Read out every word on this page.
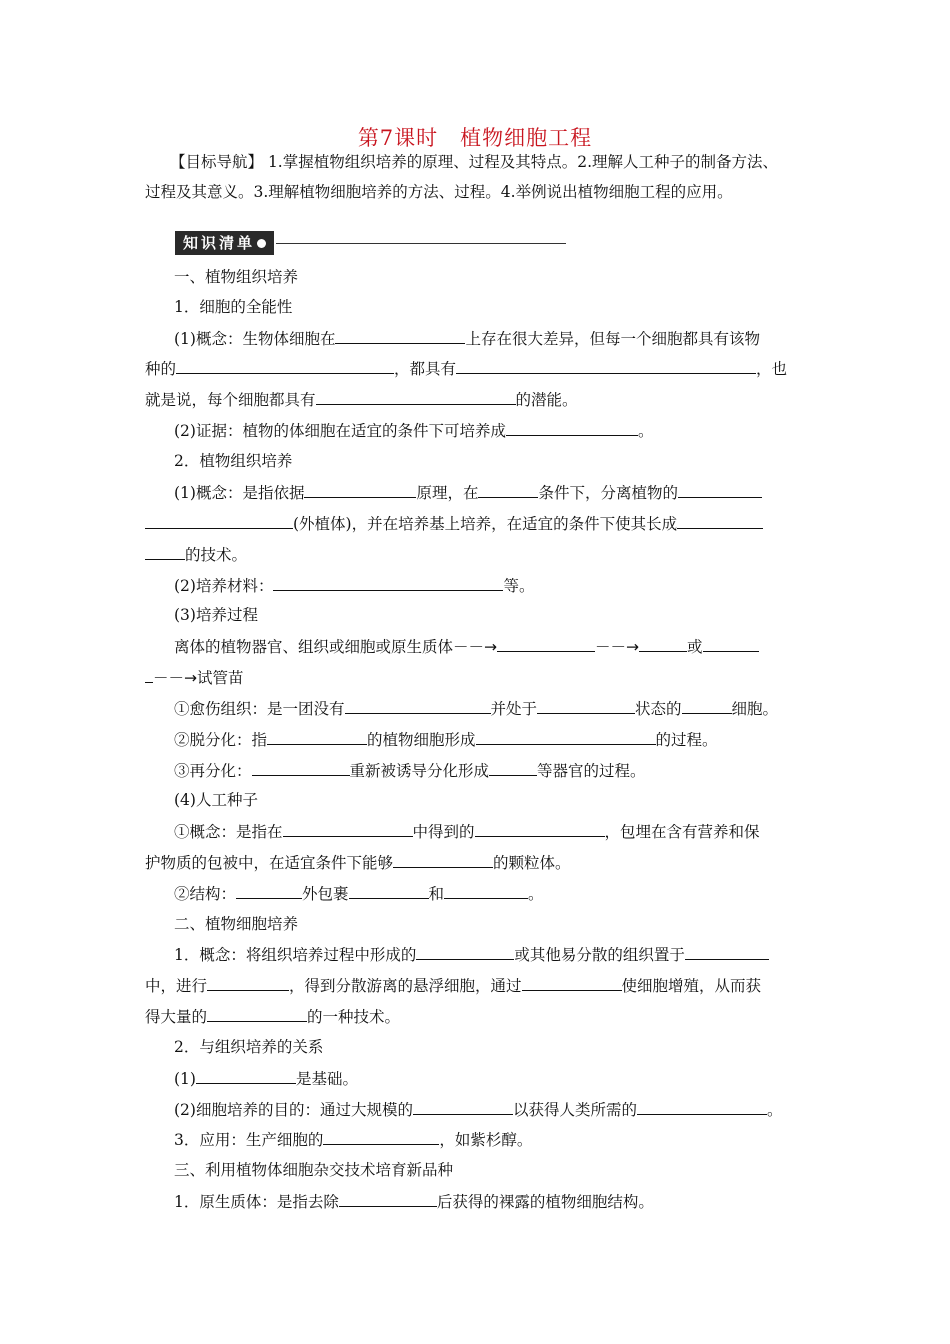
第7课时　植物细胞工程
【目标导航】 1.掌握植物组织培养的原理、过程及其特点。2.理解人工种子的制备方法、
过程及其意义。3.理解植物细胞培养的方法、过程。4.举例说出植物细胞工程的应用。
知识清单
一、植物组织培养
1．细胞的全能性
(1)概念：生物体细胞在	上存在很大差异，但每一个细胞都具有该物
种的	，都具有	，也
就是说，每个细胞都具有	的潜能。
(2)证据：植物的体细胞在适宜的条件下可培养成	。
2．植物组织培养
(1)概念：是指依据	原理，在	条件下，分离植物的
(外植体)，并在培养基上培养，在适宜的条件下使其长成
的技术。
(2)培养材料：	等。
(3)培养过程
离体的植物器官、组织或细胞或原生质体－－→	－－→	或
－－→试管苗
①愈伤组织：是一团没有	并处于	状态的	细胞。
②脱分化：指	的植物细胞形成	的过程。
③再分化：	重新被诱导分化形成	等器官的过程。
(4)人工种子
①概念：是指在	中得到的	，包埋在含有营养和保
护物质的包被中，在适宜条件下能够	的颗粒体。
②结构：	外包裹	和	。
二、植物细胞培养
1．概念：将组织培养过程中形成的	或其他易分散的组织置于
中，进行	，得到分散游离的悬浮细胞，通过	使细胞增殖，从而获
得大量的	的一种技术。
2．与组织培养的关系
(1)	是基础。
(2)细胞培养的目的：通过大规模的	以获得人类所需的	。
3．应用：生产细胞的	，如紫杉醇。
三、利用植物体细胞杂交技术培育新品种
1．原生质体：是指去除	后获得的裸露的植物细胞结构。
